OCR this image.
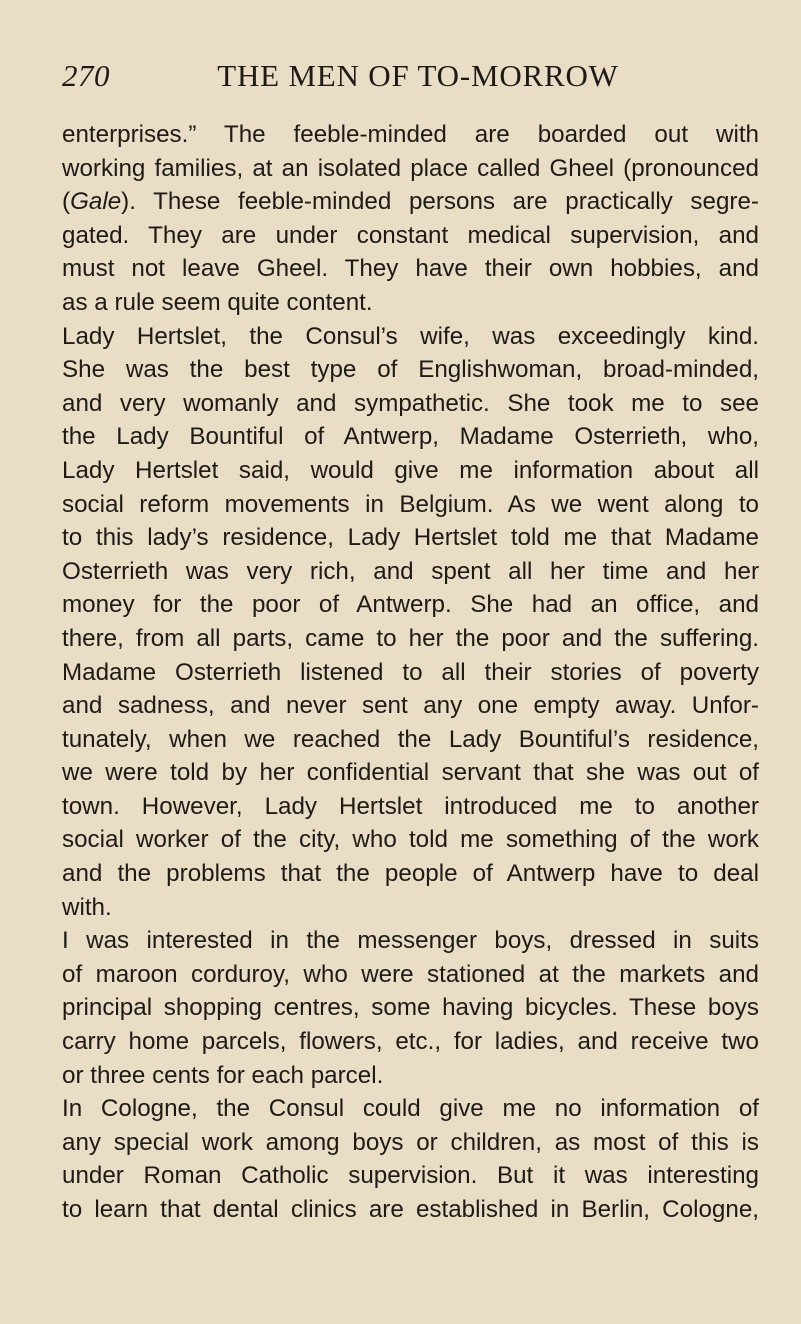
270	THE MEN OF TO-MORROW

enterprises.” The feeble-minded are boarded out with
working families, at an isolated place called Gheel (pronounced
(Gale). These feeble-minded persons are practically segre-
gated. They are under constant medical supervision, and
must not leave Gheel. They have their own hobbies, and
as a rule seem quite content.

Lady Hertslet, the Consul’s wife, was exceedingly kind.
She was the best type of Englishwoman, broad-minded,
and very womanly and sympathetic. She took me to see
the Lady Bountiful of Antwerp, Madame Osterrieth, who,
Lady Hertslet said, would give me information about all
social reform movements in Belgium. As we went along to
to this lady’s residence, Lady Hertslet told me that Madame
Osterrieth was very rich, and spent all her time and her
money for the poor of Antwerp. She had an office, and
there, from all parts, came to her the poor and the suffering.
Madame Osterrieth listened to all their stories of poverty
and sadness, and never sent any one empty away. Unfor-
tunately, when we reached the Lady Bountiful’s residence,
we were told by her confidential servant that she was out of
town. However, Lady Hertslet introduced me to another
social worker of the city, who told me something of the work
and the problems that the people of Antwerp have to deal
with.

I was interested in the messenger boys, dressed in suits
of maroon corduroy, who were stationed at the markets and
principal shopping centres, some having bicycles. These boys
carry home parcels, flowers, etc., for ladies, and receive two
or three cents for each parcel.

In Cologne, the Consul could give me no information of
any special work among boys or children, as most of this is
under Roman Catholic supervision. But it was interesting
to learn that dental clinics are established in Berlin, Cologne,
